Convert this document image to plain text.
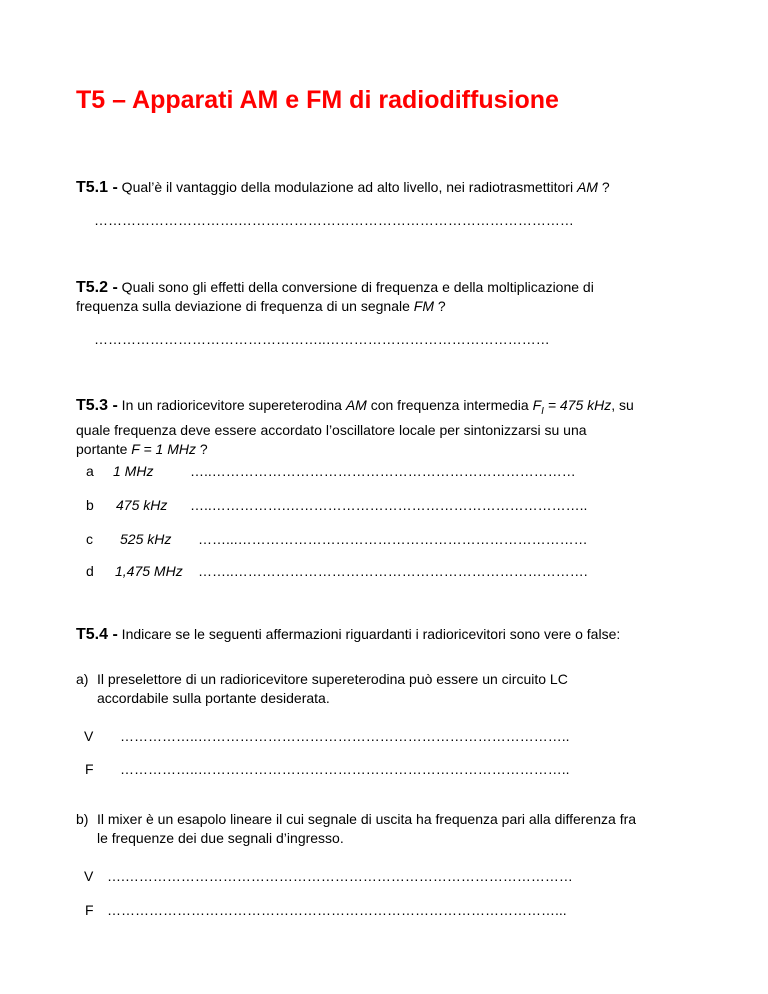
T5 – Apparati AM e FM di radiodiffusione
T5.1 - Qual’è il vantaggio della modulazione ad alto livello, nei radiotrasmettitori AM ?
………………………….………………………………………………………………
T5.2 - Quali sono gli effetti della conversione di frequenza e della moltiplicazione di
frequenza sulla deviazione di frequenza di un segnale FM ?
…………………………………………..…………………………………………
T5.3 - In un radioricevitore supereterodina AM con frequenza intermedia $F_I = 475$ kHz, su
quale frequenza deve essere accordato l’oscillatore locale per sintonizzarsi su una
portante F = 1 MHz ?
a 1 MHz	…..……………………………………………………………………
b 475 kHz …..…………….………………………………………………………..
c 525 kHz ……...…………………………………………………………………
d 1,475 MHz ……..………………………………………………………………….
T5.4 - Indicare se le seguenti affermazioni riguardanti i radioricevitori sono vere o false:
a) Il preselettore di un radioricevitore supereterodina può essere un circuito LC
accordabile sulla portante desiderata.
V ……………..……………………………………………………………………..
F ……………..……………………………………………………………………..
b) Il mixer è un esapolo lineare il cui segnale di uscita ha frequenza pari alla differenza fra
le frequenze dei due segnali d’ingresso.
V ….……………………………………………………………………………………
F ……………………………………………………………………………………...
